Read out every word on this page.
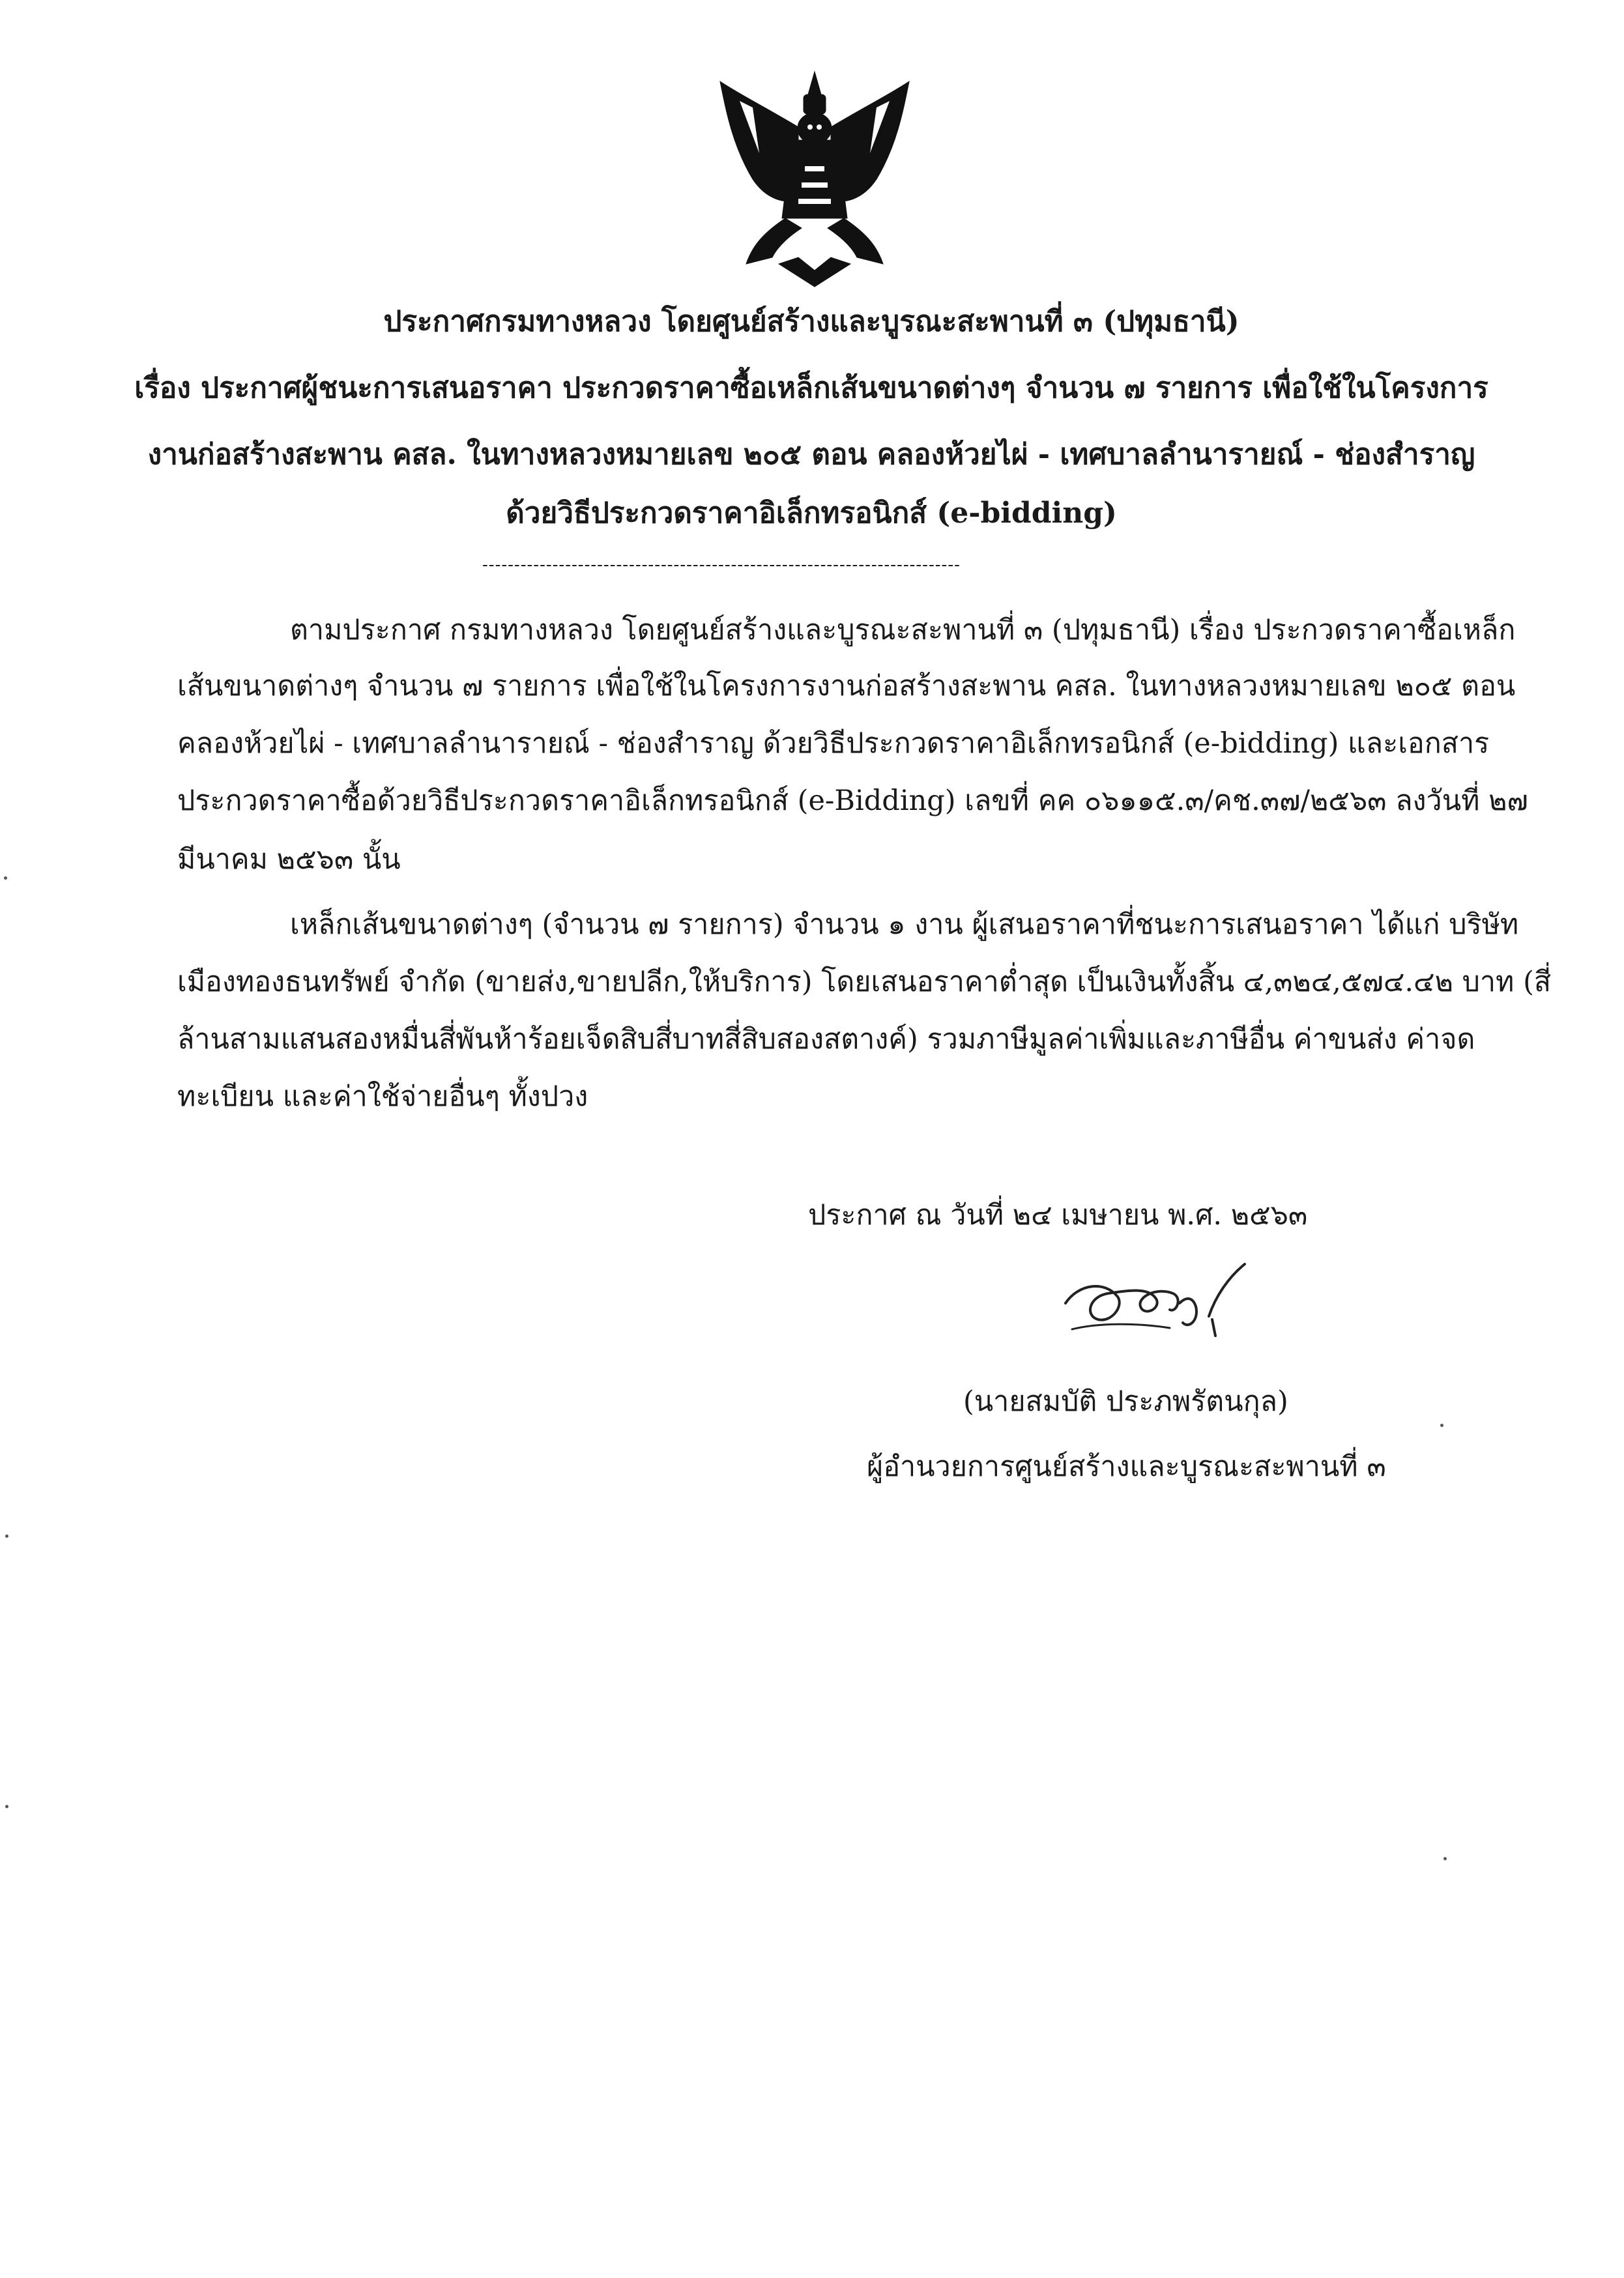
ประกาศกรมทางหลวง โดยศูนย์สร้างและบูรณะสะพานที่ ๓ (ปทุมธานี)
เรื่อง ประกาศผู้ชนะการเสนอราคา ประกวดราคาซื้อเหล็กเส้นขนาดต่างๆ จำนวน ๗ รายการ เพื่อใช้ในโครงการ
งานก่อสร้างสะพาน คสล. ในทางหลวงหมายเลข ๒๐๕ ตอน คลองห้วยไผ่ - เทศบาลลำนารายณ์ - ช่องสำราญ
ด้วยวิธีประกวดราคาอิเล็กทรอนิกส์ (e-bidding)
---------------------------------------------------------------------------
ตามประกาศ กรมทางหลวง โดยศูนย์สร้างและบูรณะสะพานที่ ๓ (ปทุมธานี) เรื่อง ประกวดราคาซื้อเหล็ก
เส้นขนาดต่างๆ จำนวน ๗ รายการ เพื่อใช้ในโครงการงานก่อสร้างสะพาน คสล. ในทางหลวงหมายเลข ๒๐๕ ตอน
คลองห้วยไผ่ - เทศบาลลำนารายณ์ - ช่องสำราญ ด้วยวิธีประกวดราคาอิเล็กทรอนิกส์ (e-bidding) และเอกสาร
ประกวดราคาซื้อด้วยวิธีประกวดราคาอิเล็กทรอนิกส์ (e-Bidding) เลขที่ คค ๐๖๑๑๕.๓/คช.๓๗/๒๕๖๓ ลงวันที่ ๒๗
มีนาคม ๒๕๖๓ นั้น
เหล็กเส้นขนาดต่างๆ (จำนวน ๗ รายการ) จำนวน ๑ งาน ผู้เสนอราคาที่ชนะการเสนอราคา ได้แก่ บริษัท
เมืองทองธนทรัพย์ จำกัด (ขายส่ง,ขายปลีก,ให้บริการ) โดยเสนอราคาต่ำสุด เป็นเงินทั้งสิ้น ๔,๓๒๔,๕๗๔.๔๒ บาท (สี่
ล้านสามแสนสองหมื่นสี่พันห้าร้อยเจ็ดสิบสี่บาทสี่สิบสองสตางค์) รวมภาษีมูลค่าเพิ่มและภาษีอื่น ค่าขนส่ง ค่าจด
ทะเบียน และค่าใช้จ่ายอื่นๆ ทั้งปวง
ประกาศ ณ วันที่ ๒๔ เมษายน พ.ศ. ๒๕๖๓
(นายสมบัติ ประภพรัตนกุล)
ผู้อำนวยการศูนย์สร้างและบูรณะสะพานที่ ๓
